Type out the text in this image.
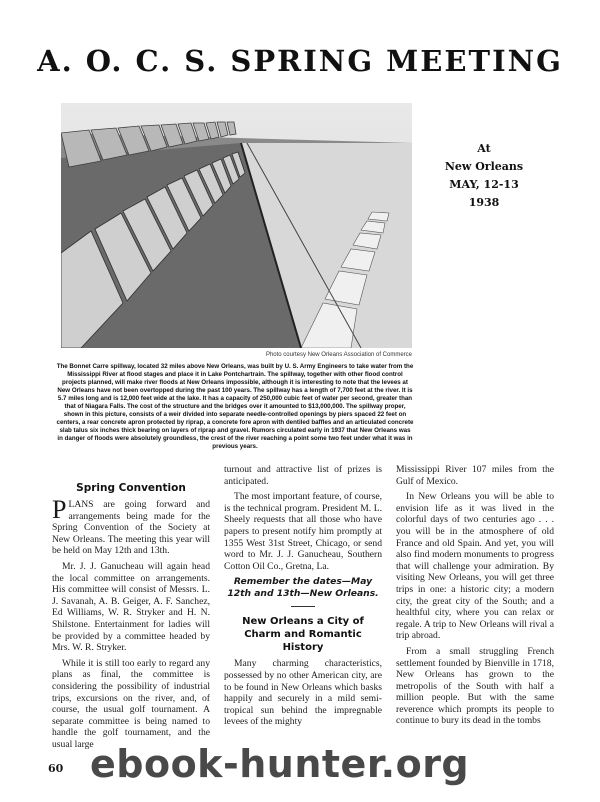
A. O. C. S. SPRING MEETING
Photo courtesy New Orleans Association of Commerce
At
New Orleans
MAY, 12-13
1938
The Bonnet Carre spillway, located 32 miles above New Orleans, was built by U. S. Army Engineers to take water from the Mississippi River at flood stages and place it in Lake Pontchartrain. The spillway, together with other flood control projects planned, will make river floods at New Orleans impossible, although it is interesting to note that the levees at New Orleans have not been overtopped during the past 100 years. The spillway has a length of 7,700 feet at the river. It is 5.7 miles long and is 12,000 feet wide at the lake. It has a capacity of 250,000 cubic feet of water per second, greater than that of Niagara Falls. The cost of the structure and the bridges over it amounted to $13,000,000. The spillway proper, shown in this picture, consists of a weir divided into separate needle-controlled openings by piers spaced 22 feet on centers, a rear concrete apron protected by riprap, a concrete fore apron with dentiled baffles and an articulated concrete slab talus six inches thick bearing on layers of riprap and gravel. Rumors circulated early in 1937 that New Orleans was in danger of floods were absolutely groundless, the crest of the river reaching a point some two feet under what it was in previous years.
Spring Convention

PLANS are going forward and arrangements being made for the Spring Convention of the Society at New Orleans. The meeting this year will be held on May 12th and 13th.

Mr. J. J. Ganucheau will again head the local committee on arrangements. His committee will consist of Messrs. L. J. Savanah, A. B. Geiger, A. F. Sanchez, Ed Williams, W. R. Stryker and H. N. Shilstone. Entertainment for ladies will be provided by a committee headed by Mrs. W. R. Stryker.

While it is still too early to regard any plans as final, the committee is considering the possibility of industrial trips, excursions on the river, and, of course, the usual golf tournament. A separate committee is being named to handle the golf tournament, and the usual large

turnout and attractive list of prizes is anticipated.

The most important feature, of course, is the technical program. President M. L. Sheely requests that all those who have papers to present notify him promptly at 1355 West 31st Street, Chicago, or send word to Mr. J. J. Ganucheau, Southern Cotton Oil Co., Gretna, La.

Remember the dates—May 12th and 13th—New Orleans.
New Orleans a City of Charm and Romantic History

Many charming characteristics, possessed by no other American city, are to be found in New Orleans which basks happily and securely in a mild semi-tropical sun behind the impregnable levees of the mighty

Mississippi River 107 miles from the Gulf of Mexico.

In New Orleans you will be able to envision life as it was lived in the colorful days of two centuries ago . . . you will be in the atmosphere of old France and old Spain. And yet, you will also find modern monuments to progress that will challenge your admiration. By visiting New Orleans, you will get three trips in one: a historic city; a modern city, the great city of the South; and a healthful city, where you can relax or regale. A trip to New Orleans will rival a trip abroad.

From a small struggling French settlement founded by Bienville in 1718, New Orleans has grown to the metropolis of the South with half a million people. But with the same reverence which prompts its people to continue to bury its dead in the tombs

60 ebook-hunter.org
